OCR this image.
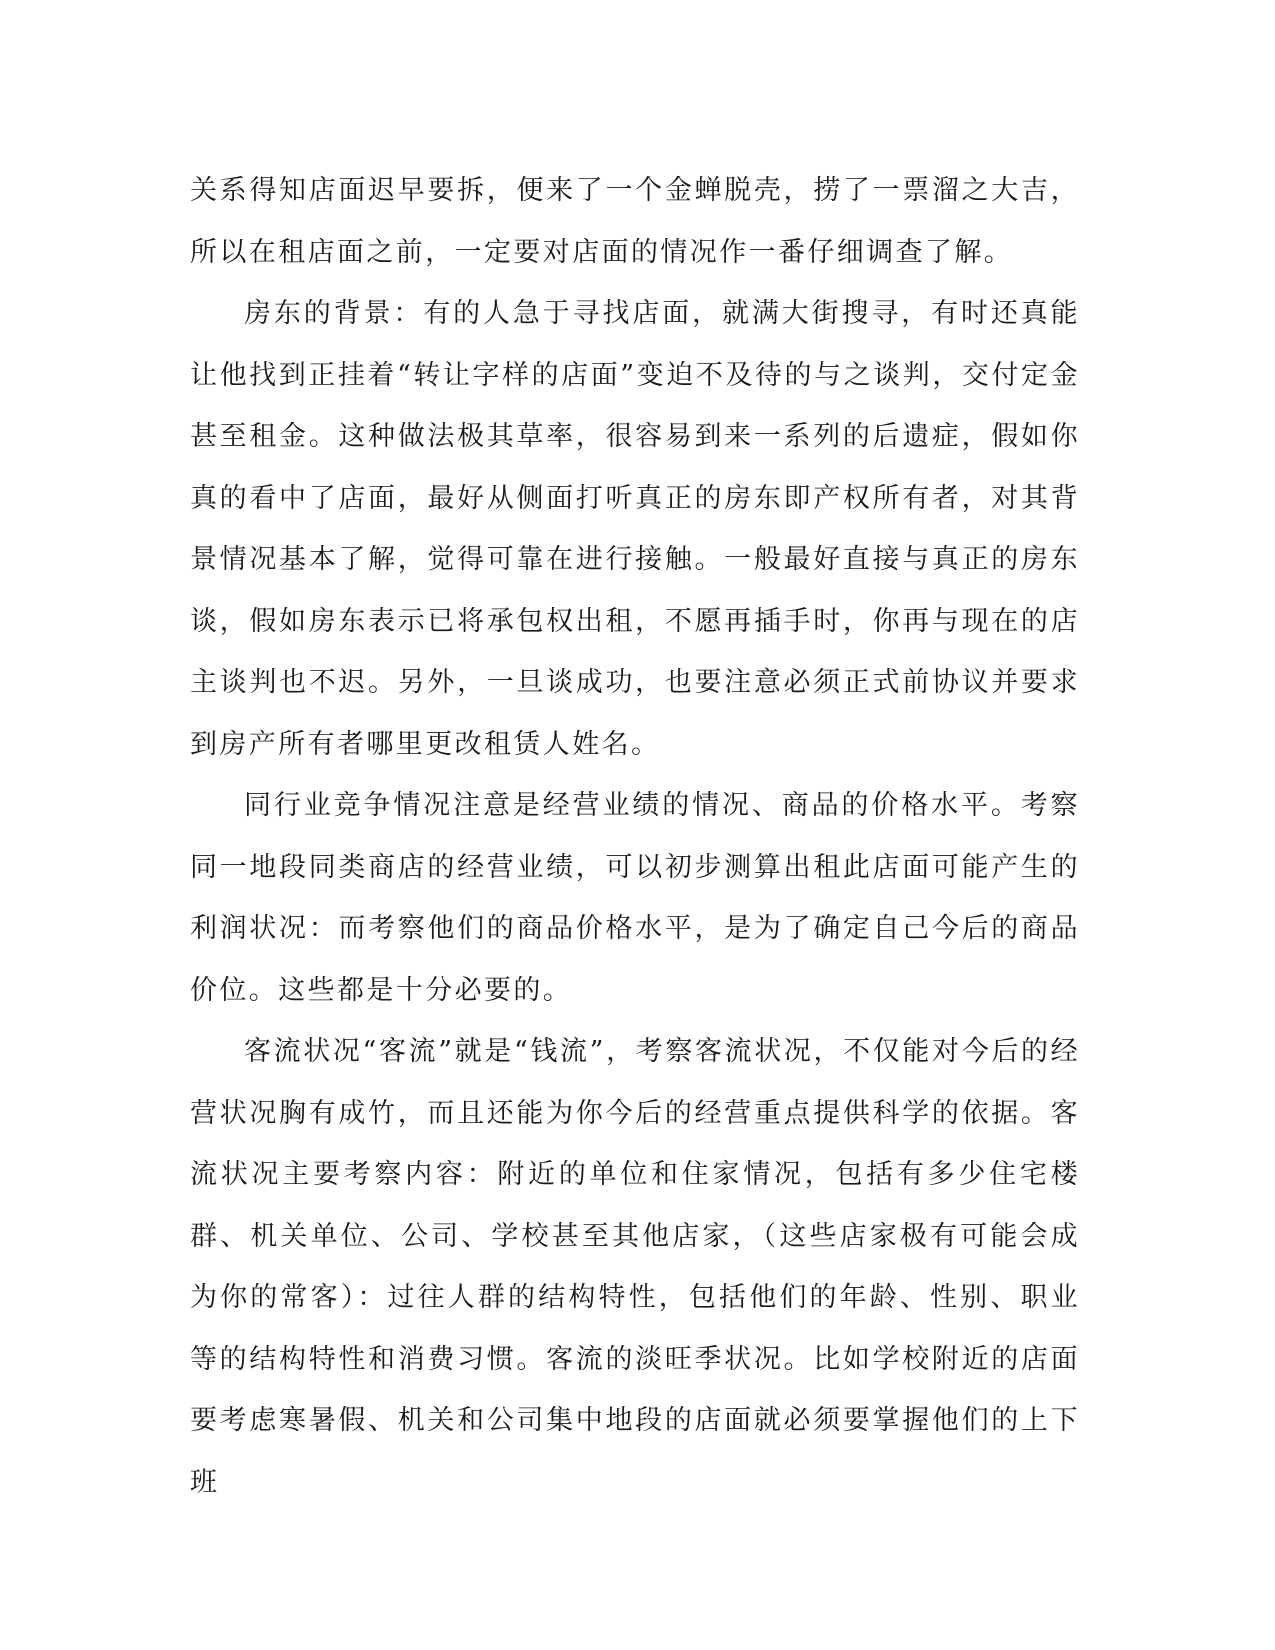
关系得知店面迟早要拆，便来了一个金蝉脱壳，捞了一票溜之大吉，所以在租店面之前，一定要对店面的情况作一番仔细调查了解。

房东的背景：有的人急于寻找店面，就满大街搜寻，有时还真能让他找到正挂着“转让字样的店面”变迫不及待的与之谈判，交付定金甚至租金。这种做法极其草率，很容易到来一系列的后遗症，假如你真的看中了店面，最好从侧面打听真正的房东即产权所有者，对其背景情况基本了解，觉得可靠在进行接触。一般最好直接与真正的房东谈，假如房东表示已将承包权出租，不愿再插手时，你再与现在的店主谈判也不迟。另外，一旦谈成功，也要注意必须正式前协议并要求到房产所有者哪里更改租赁人姓名。

同行业竞争情况注意是经营业绩的情况、商品的价格水平。考察同一地段同类商店的经营业绩，可以初步测算出租此店面可能产生的利润状况：而考察他们的商品价格水平，是为了确定自己今后的商品价位。这些都是十分必要的。

客流状况“客流”就是“钱流”，考察客流状况，不仅能对今后的经营状况胸有成竹，而且还能为你今后的经营重点提供科学的依据。客流状况主要考察内容：附近的单位和住家情况，包括有多少住宅楼群、机关单位、公司、学校甚至其他店家，（这些店家极有可能会成为你的常客）：过往人群的结构特性，包括他们的年龄、性别、职业等的结构特性和消费习惯。客流的淡旺季状况。比如学校附近的店面要考虑寒暑假、机关和公司集中地段的店面就必须要掌握他们的上下班
